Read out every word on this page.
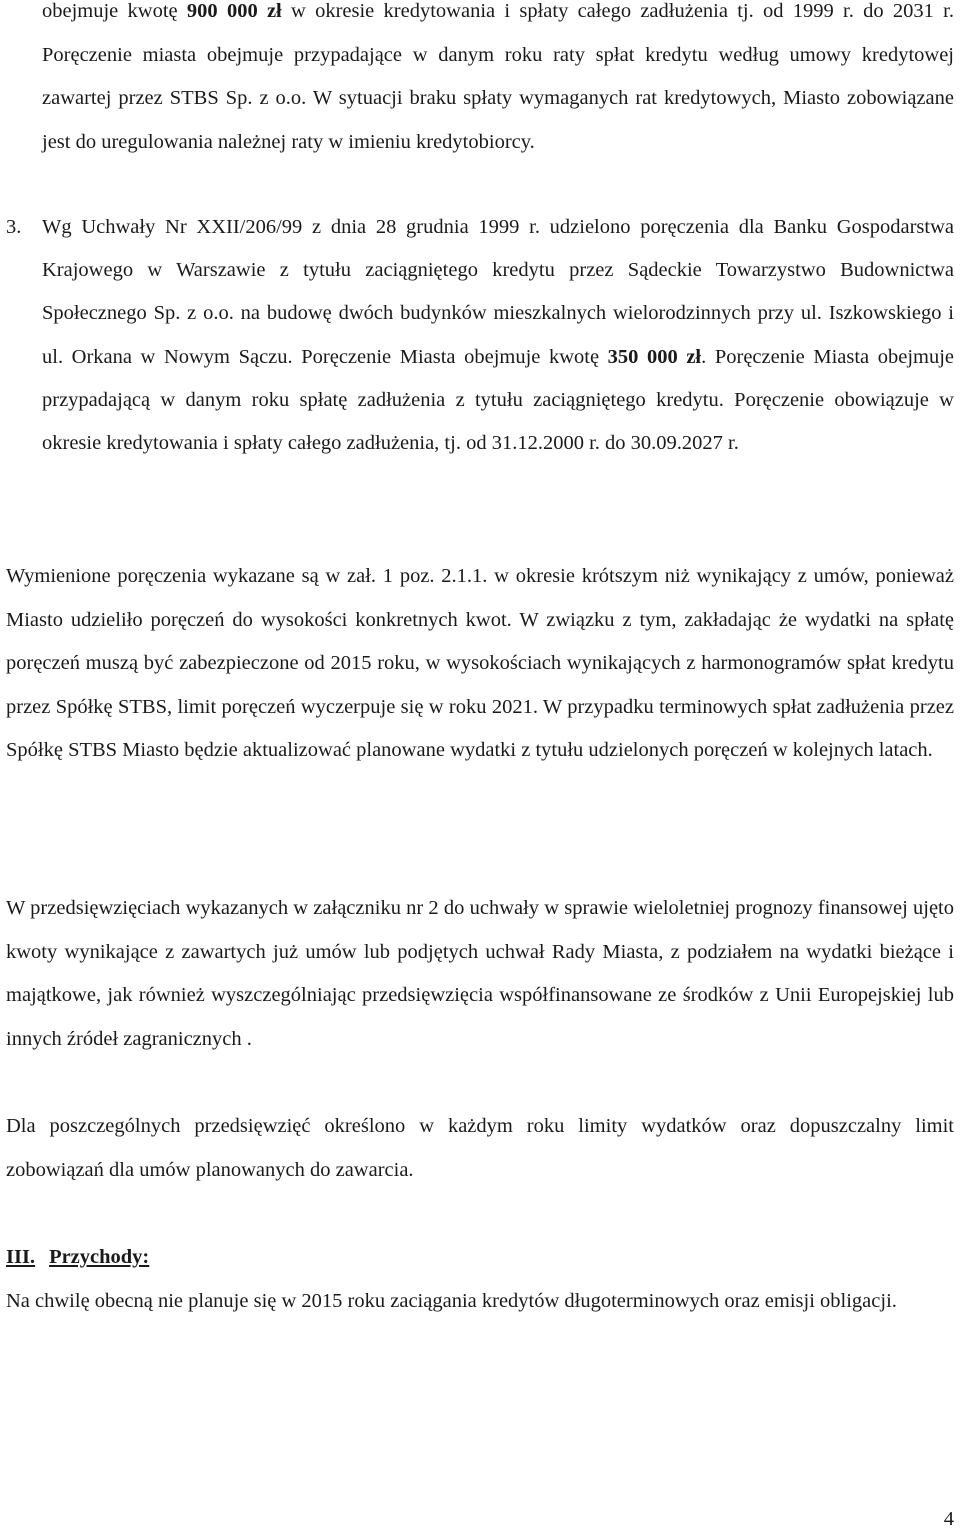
obejmuje kwotę 900 000 zł w okresie kredytowania i spłaty całego zadłużenia tj. od 1999 r. do 2031 r. Poręczenie miasta obejmuje przypadające w danym roku raty spłat kredytu według umowy kredytowej zawartej przez STBS Sp. z o.o. W sytuacji braku spłaty wymaganych rat kredytowych, Miasto zobowiązane jest do uregulowania należnej raty w imieniu kredytobiorcy.

3. Wg Uchwały Nr XXII/206/99 z dnia 28 grudnia 1999 r. udzielono poręczenia dla Banku Gospodarstwa Krajowego w Warszawie z tytułu zaciągniętego kredytu przez Sądeckie Towarzystwo Budownictwa Społecznego Sp. z o.o. na budowę dwóch budynków mieszkalnych wielorodzinnych przy ul. Iszkowskiego i ul. Orkana w Nowym Sączu. Poręczenie Miasta obejmuje kwotę 350 000 zł. Poręczenie Miasta obejmuje przypadającą w danym roku spłatę zadłużenia z tytułu zaciągniętego kredytu. Poręczenie obowiązuje w okresie kredytowania i spłaty całego zadłużenia, tj. od 31.12.2000 r. do 30.09.2027 r.

Wymienione poręczenia wykazane są w zał. 1 poz. 2.1.1. w okresie krótszym niż wynikający z umów, ponieważ Miasto udzieliło poręczeń do wysokości konkretnych kwot. W związku z tym, zakładając że wydatki na spłatę poręczeń muszą być zabezpieczone od 2015 roku, w wysokościach wynikających z harmonogramów spłat kredytu przez Spółkę STBS, limit poręczeń wyczerpuje się w roku 2021. W przypadku terminowych spłat zadłużenia przez Spółkę STBS Miasto będzie aktualizować planowane wydatki z tytułu udzielonych poręczeń w kolejnych latach.

W przedsięwzięciach wykazanych w załączniku nr 2 do uchwały w sprawie wieloletniej prognozy finansowej ujęto kwoty wynikające z zawartych już umów lub podjętych uchwał Rady Miasta, z podziałem na wydatki bieżące i majątkowe, jak również wyszczególniając przedsięwzięcia współfinansowane ze środków z Unii Europejskiej lub innych źródeł zagranicznych .

Dla poszczególnych przedsięwzięć określono w każdym roku limity wydatków oraz dopuszczalny limit zobowiązań dla umów planowanych do zawarcia.

III. Przychody:

Na chwilę obecną nie planuje się w 2015 roku zaciągania kredytów długoterminowych oraz emisji obligacji.

4
